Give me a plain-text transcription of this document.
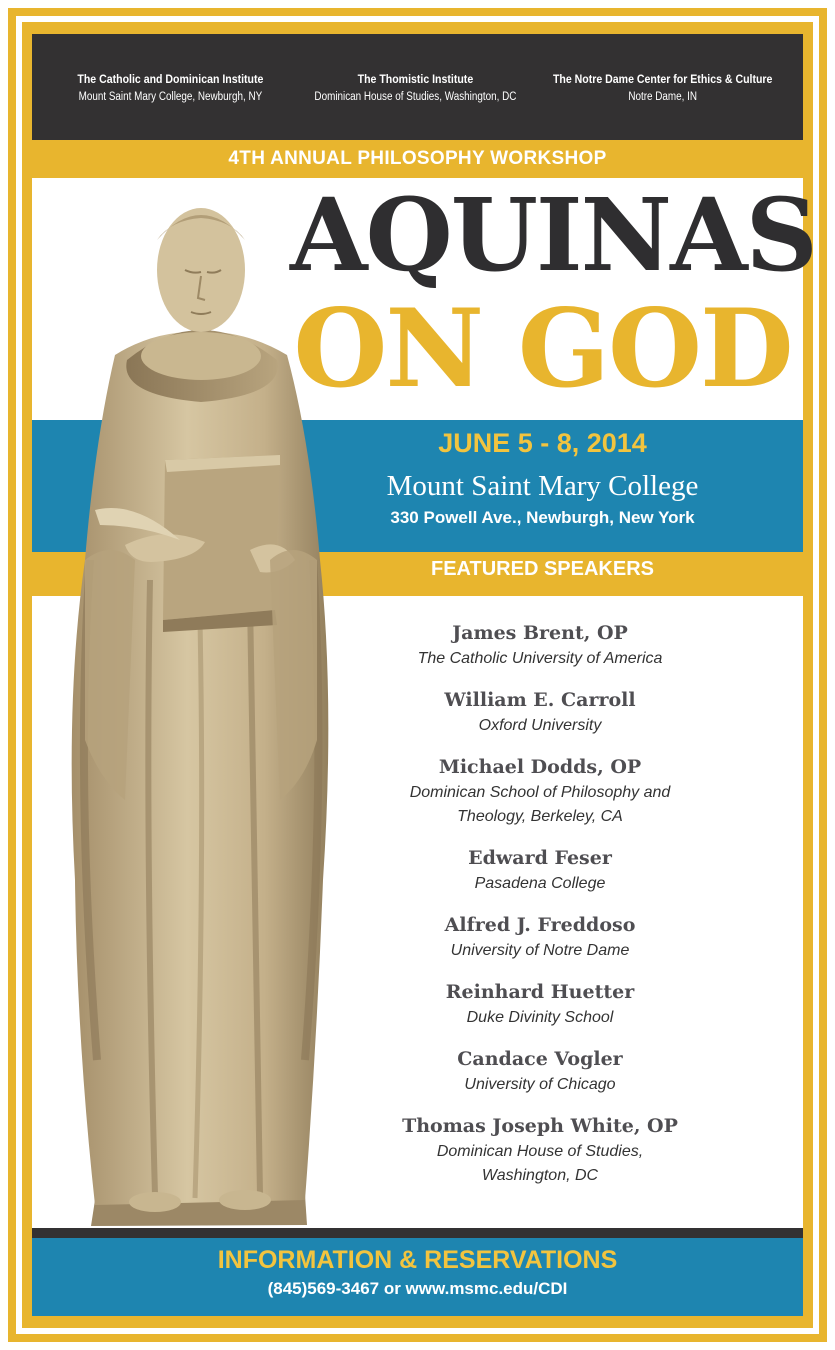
The Catholic and Dominican Institute
Mount Saint Mary College, Newburgh, NY
The Thomistic Institute
Dominican House of Studies, Washington, DC
The Notre Dame Center for Ethics & Culture
Notre Dame, IN
4TH ANNUAL PHILOSOPHY WORKSHOP
AQUINAS
ON GOD
JUNE 5 - 8, 2014
Mount Saint Mary College
330 Powell Ave., Newburgh, New York
FEATURED SPEAKERS
James Brent, OP
The Catholic University of America
William E. Carroll
Oxford University
Michael Dodds, OP
Dominican School of Philosophy and
Theology, Berkeley, CA
Edward Feser
Pasadena College
Alfred J. Freddoso
University of Notre Dame
Reinhard Huetter
Duke Divinity School
Candace Vogler
University of Chicago
Thomas Joseph White, OP
Dominican House of Studies,
Washington, DC
INFORMATION & RESERVATIONS
(845)569-3467 or www.msmc.edu/CDI
